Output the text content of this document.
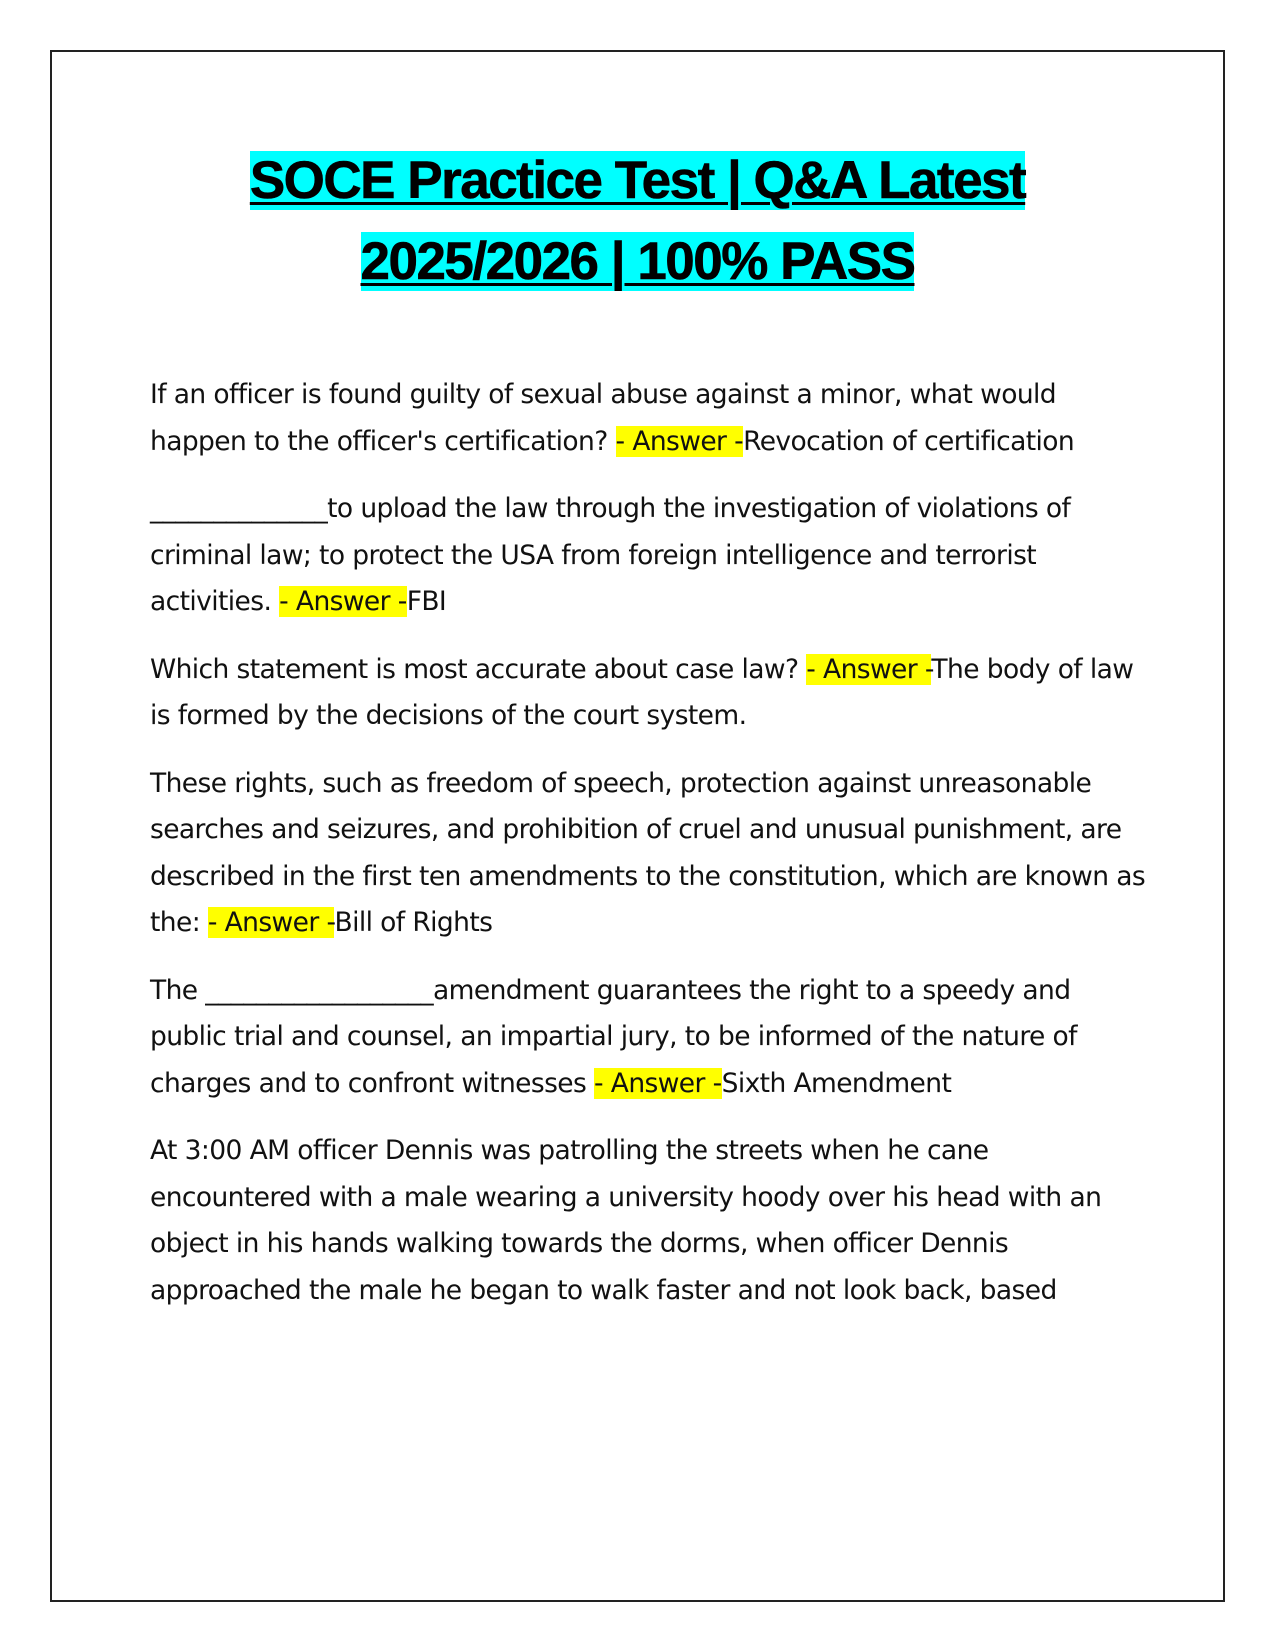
SOCE Practice Test | Q&A Latest
2025/2026 | 100% PASS

If an officer is found guilty of sexual abuse against a minor, what would happen to the officer's certification? - Answer -Revocation of certification

______________to upload the law through the investigation of violations of criminal law; to protect the USA from foreign intelligence and terrorist activities. - Answer -FBI

Which statement is most accurate about case law? - Answer -The body of law is formed by the decisions of the court system.

These rights, such as freedom of speech, protection against unreasonable searches and seizures, and prohibition of cruel and unusual punishment, are described in the first ten amendments to the constitution, which are known as the: - Answer -Bill of Rights

The __________________amendment guarantees the right to a speedy and public trial and counsel, an impartial jury, to be informed of the nature of charges and to confront witnesses - Answer -Sixth Amendment

At 3:00 AM officer Dennis was patrolling the streets when he cane encountered with a male wearing a university hoody over his head with an object in his hands walking towards the dorms, when officer Dennis approached the male he began to walk faster and not look back, based
